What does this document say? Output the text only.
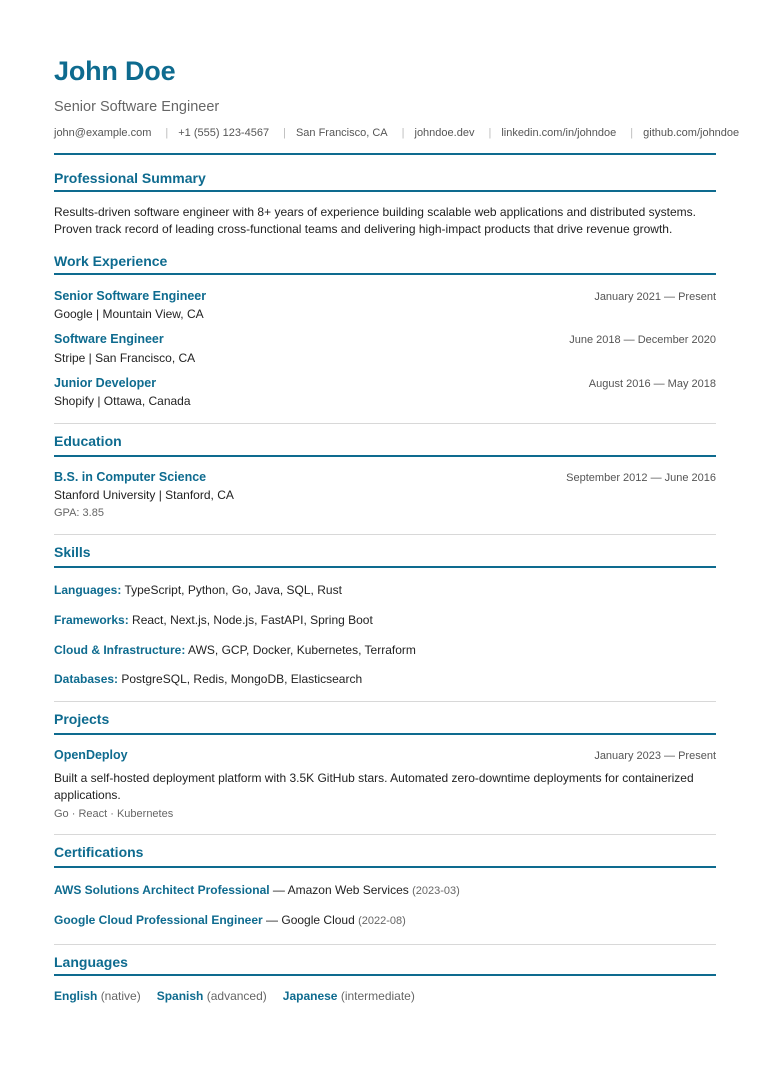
John Doe
Senior Software Engineer
john@example.com | +1 (555) 123-4567 | San Francisco, CA | johndoe.dev | linkedin.com/in/johndoe | github.com/johndoe
Professional Summary
Results-driven software engineer with 8+ years of experience building scalable web applications and distributed systems. Proven track record of leading cross-functional teams and delivering high-impact products that drive revenue growth.
Work Experience
Senior Software Engineer	January 2021 — Present
Google | Mountain View, CA
Software Engineer	June 2018 — December 2020
Stripe | San Francisco, CA
Junior Developer	August 2016 — May 2018
Shopify | Ottawa, Canada
Education
B.S. in Computer Science	September 2012 — June 2016
Stanford University | Stanford, CA
GPA: 3.85
Skills
Languages: TypeScript, Python, Go, Java, SQL, Rust
Frameworks: React, Next.js, Node.js, FastAPI, Spring Boot
Cloud & Infrastructure: AWS, GCP, Docker, Kubernetes, Terraform
Databases: PostgreSQL, Redis, MongoDB, Elasticsearch
Projects
OpenDeploy	January 2023 — Present
Built a self-hosted deployment platform with 3.5K GitHub stars. Automated zero-downtime deployments for containerized applications.
Go · React · Kubernetes
Certifications
AWS Solutions Architect Professional — Amazon Web Services (2023-03)
Google Cloud Professional Engineer — Google Cloud (2022-08)
Languages
English (native) Spanish (advanced) Japanese (intermediate)
